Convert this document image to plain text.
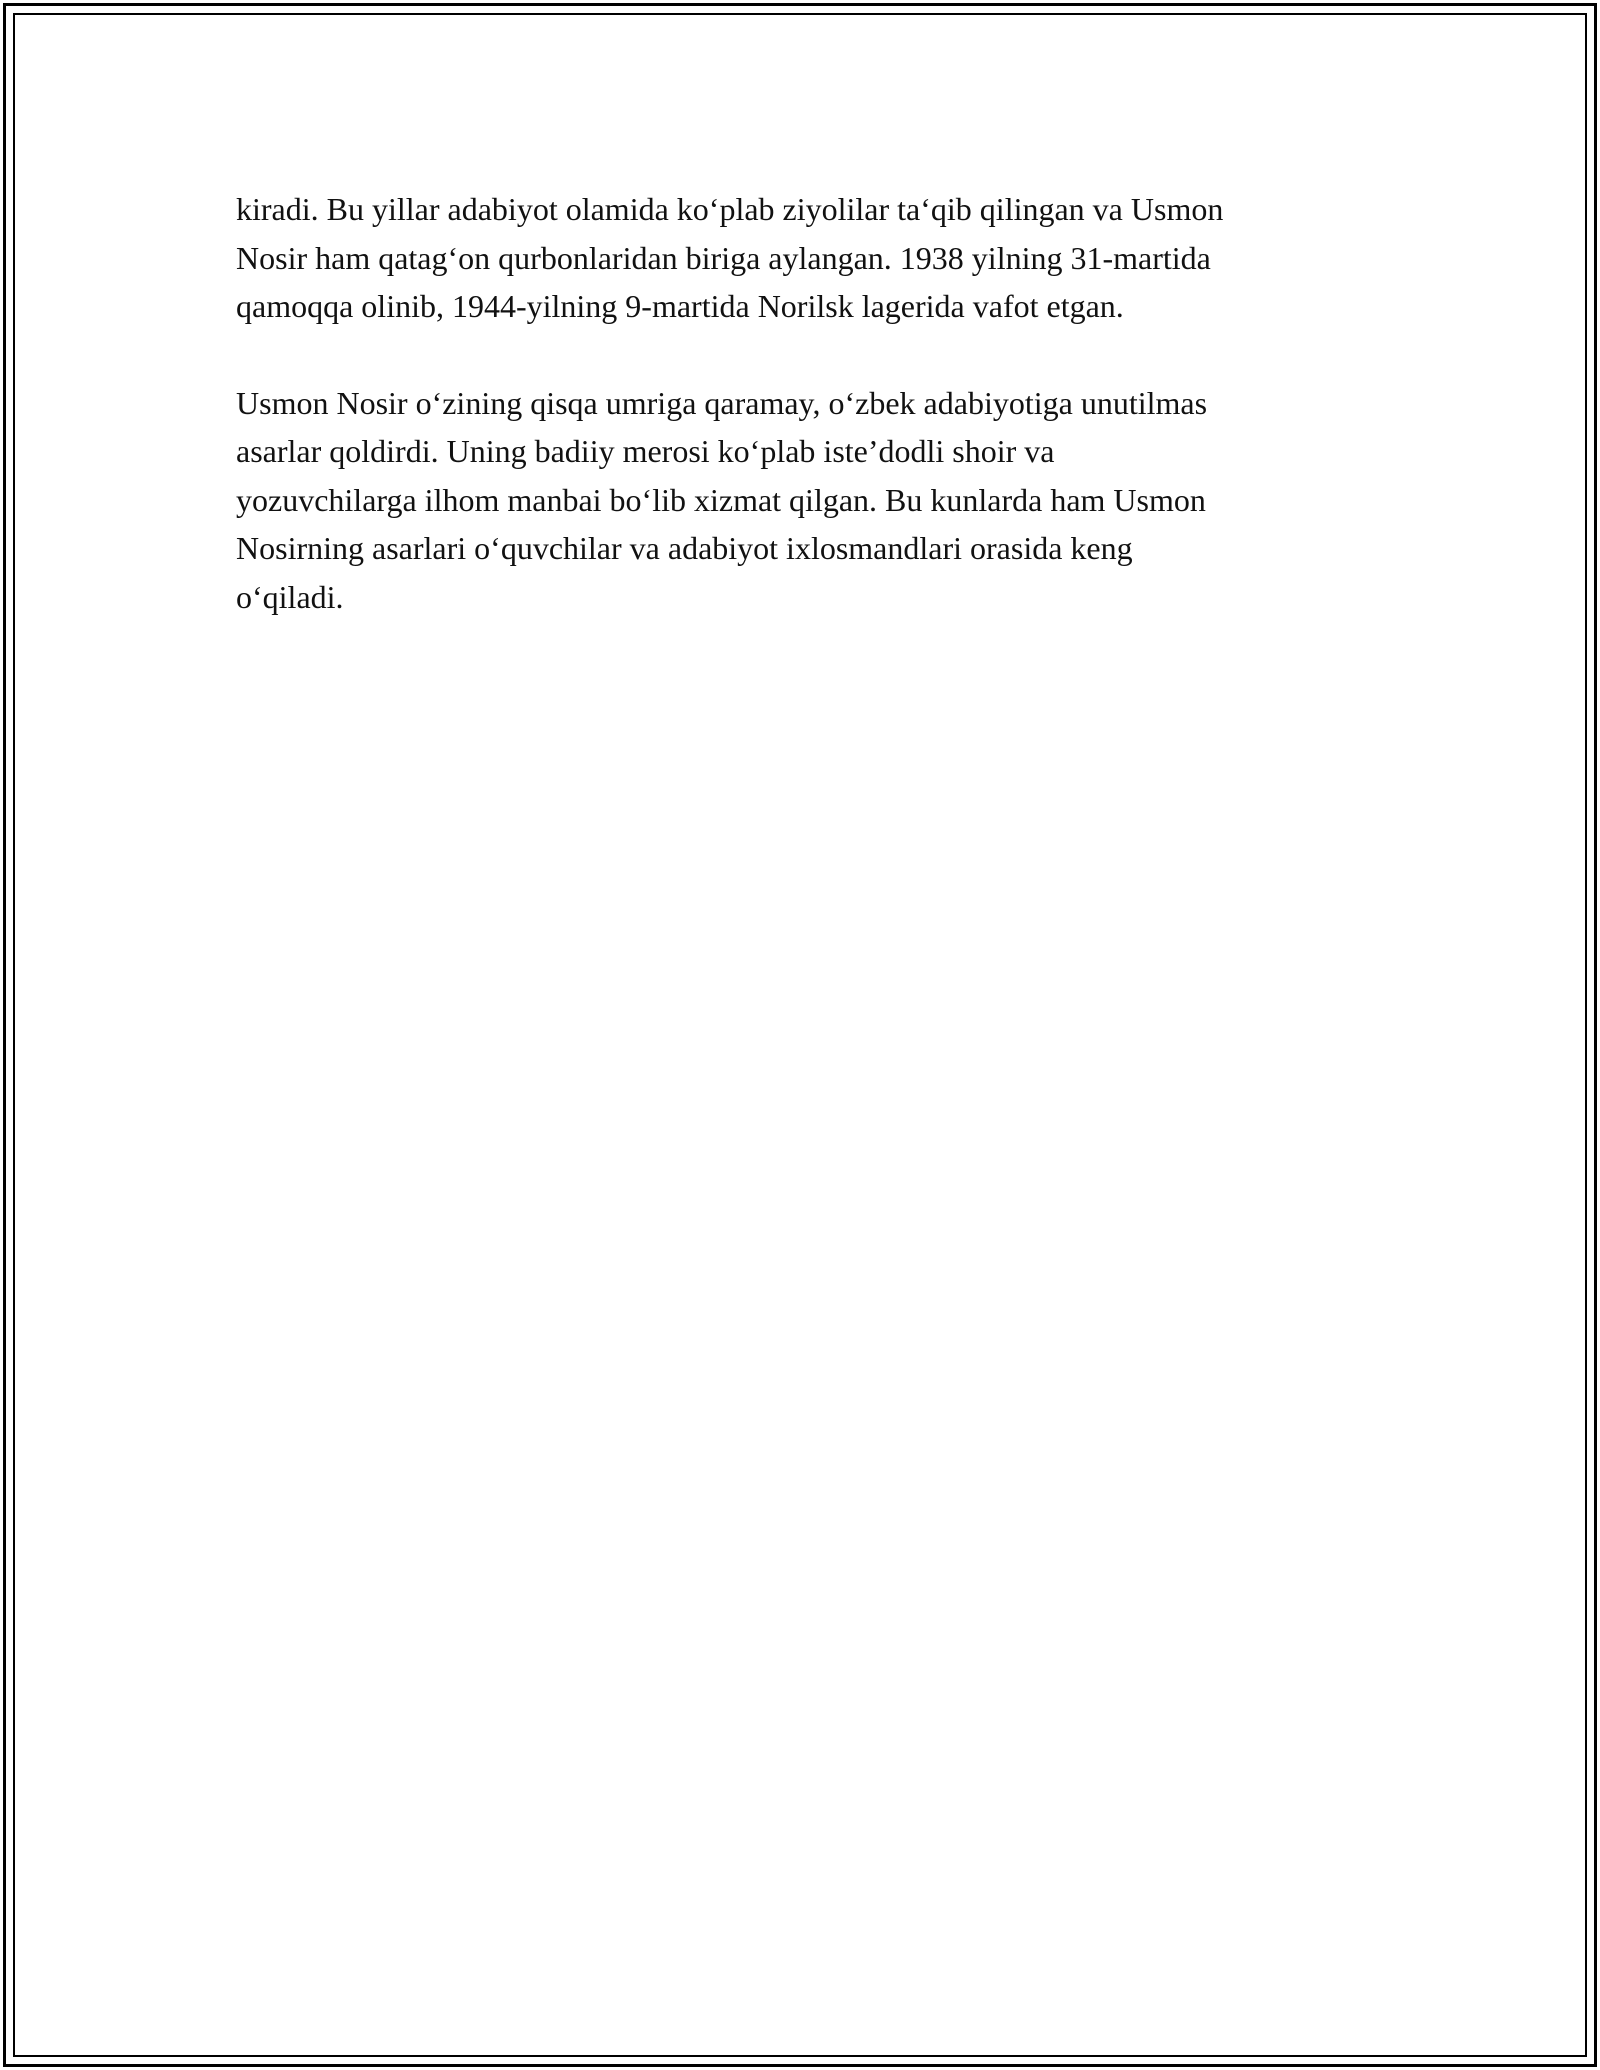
kiradi. Bu yillar adabiyot olamida ko‘plab ziyolilar ta‘qib qilingan va Usmon
Nosir ham qatag‘on qurbonlaridan biriga aylangan. 1938 yilning 31-martida
qamoqqa olinib, 1944-yilning 9-martida Norilsk lagerida vafot etgan.

Usmon Nosir o‘zining qisqa umriga qaramay, o‘zbek adabiyotiga unutilmas
asarlar qoldirdi. Uning badiiy merosi ko‘plab iste’dodli shoir va
yozuvchilarga ilhom manbai bo‘lib xizmat qilgan. Bu kunlarda ham Usmon
Nosirning asarlari o‘quvchilar va adabiyot ixlosmandlari orasida keng
o‘qiladi.
